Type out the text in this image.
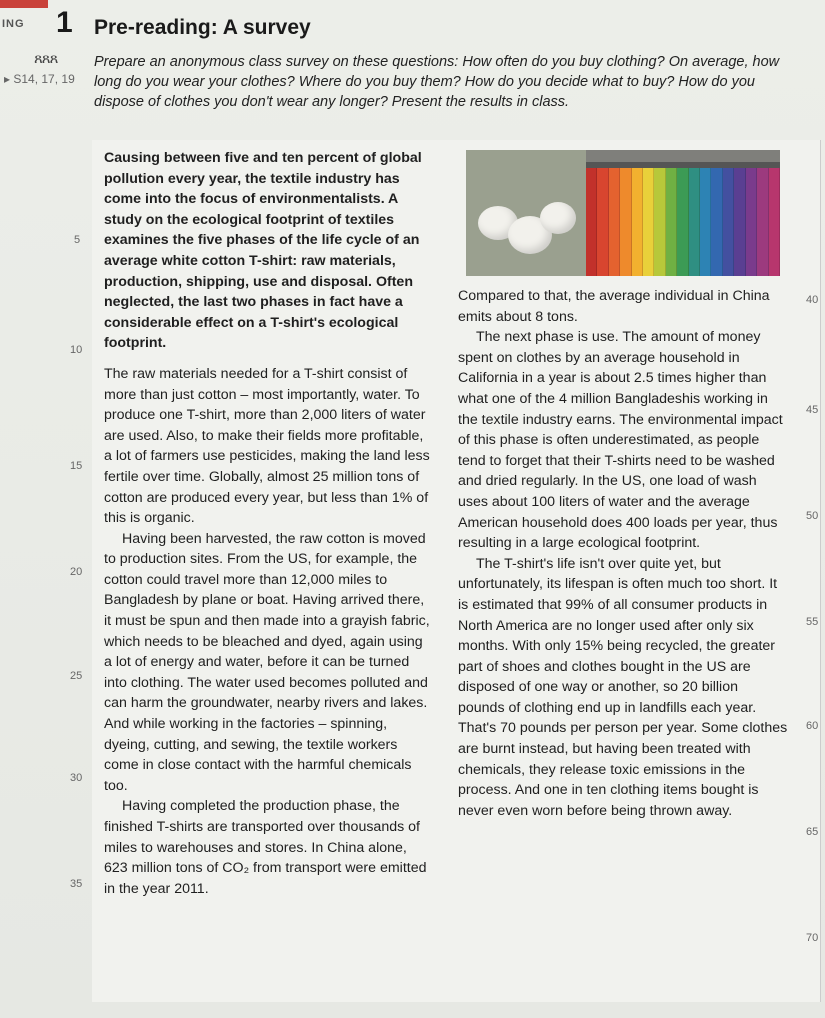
ING 1 Pre-reading: A survey
ጸጸጸ
▸ S14, 17, 19
Prepare an anonymous class survey on these questions: How often do you buy clothing? On average, how long do you wear your clothes? Where do you buy them? How do you decide what to buy? How do you dispose of clothes you don't wear any longer? Present the results in class.

Causing between five and ten percent of global pollution every year, the textile industry has come into the focus of environmentalists. A study on the ecological footprint of textiles examines the five phases of the life cycle of an average white cotton T-shirt: raw materials, production, shipping, use and disposal. Often neglected, the last two phases in fact have a considerable effect on a T-shirt's ecological footprint.

The raw materials needed for a T-shirt consist of more than just cotton – most importantly, water. To produce one T-shirt, more than 2,000 liters of water are used. Also, to make their fields more profitable, a lot of farmers use pesticides, making the land less fertile over time. Globally, almost 25 million tons of cotton are produced every year, but less than 1% of this is organic.

Having been harvested, the raw cotton is moved to production sites. From the US, for example, the cotton could travel more than 12,000 miles to Bangladesh by plane or boat. Having arrived there, it must be spun and then made into a grayish fabric, which needs to be bleached and dyed, again using a lot of energy and water, before it can be turned into clothing. The water used becomes polluted and can harm the groundwater, nearby rivers and lakes. And while working in the factories – spinning, dyeing, cutting, and sewing, the textile workers come in close contact with the harmful chemicals too.

Having completed the production phase, the finished T-shirts are transported over thousands of miles to warehouses and stores. In China alone, 623 million tons of CO₂ from transport were emitted in the year 2011.

Compared to that, the average individual in China emits about 8 tons.

The next phase is use. The amount of money spent on clothes by an average household in California in a year is about 2.5 times higher than what one of the 4 million Bangladeshis working in the textile industry earns. The environmental impact of this phase is often underestimated, as people tend to forget that their T-shirts need to be washed and dried regularly. In the US, one load of wash uses about 100 liters of water and the average American household does 400 loads per year, thus resulting in a large ecological footprint.

The T-shirt's life isn't over quite yet, but unfortunately, its lifespan is often much too short. It is estimated that 99% of all consumer products in North America are no longer used after only six months. With only 15% being recycled, the greater part of shoes and clothes bought in the US are disposed of one way or another, so 20 billion pounds of clothing end up in landfills each year. That's 70 pounds per person per year. Some clothes are burnt instead, but having been treated with chemicals, they release toxic emissions in the process. And one in ten clothing items bought is never even worn before being thrown away.

5
10
15
20
25
30
35
40
45
50
55
60
65
70
